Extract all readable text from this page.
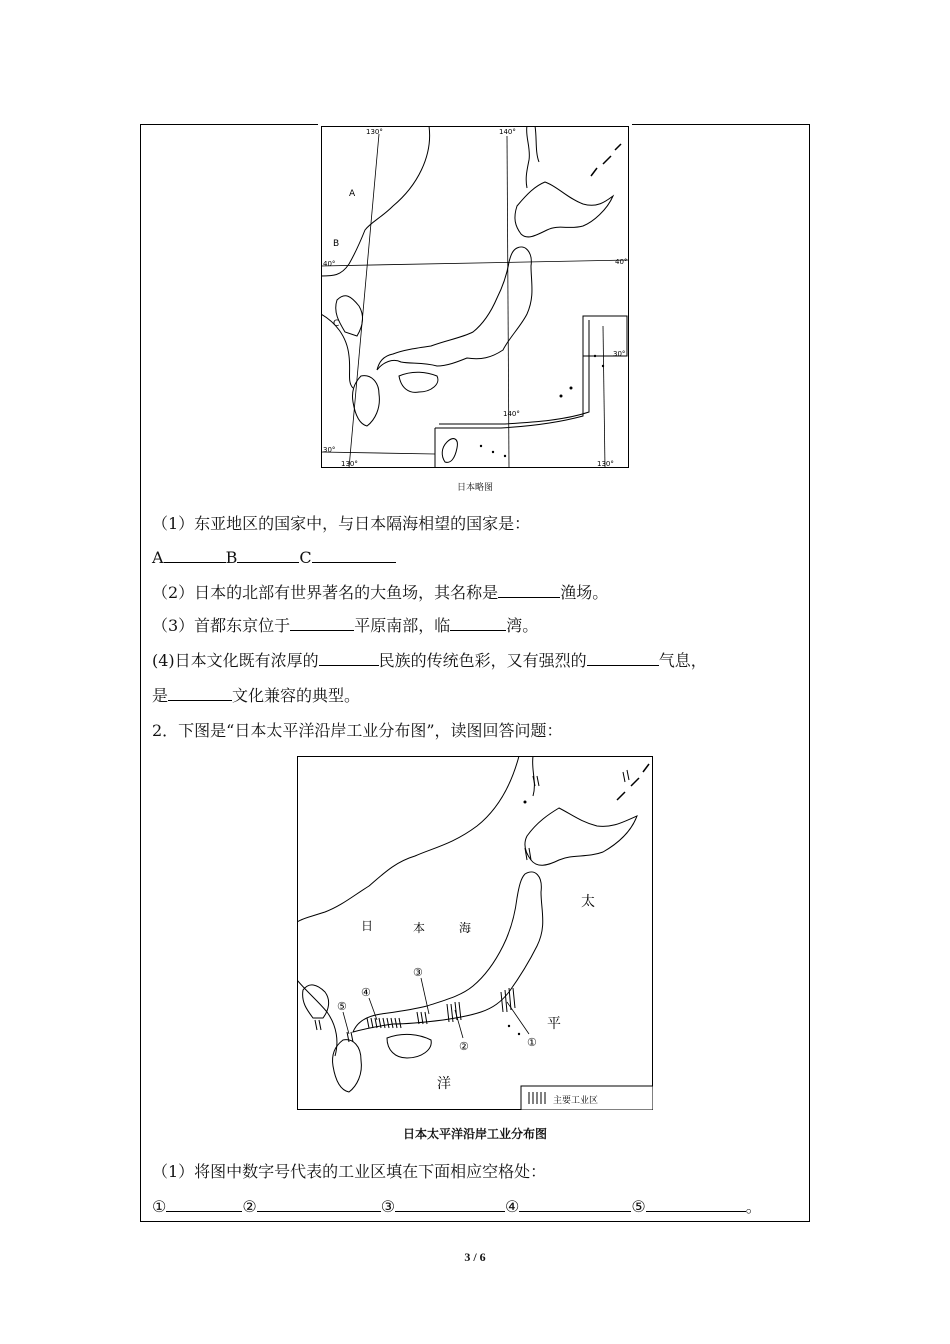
130°	140°
A
B
40°	40°
C
30°
140°
30°
130°	130°
日本略图
（1）东亚地区的国家中，与日本隔海相望的国家是：
A	B	C
（2）日本的北部有世界著名的大鱼场，其名称是	渔场。
（3）首都东京位于	平原南部，临	湾。
(4)日本文化既有浓厚的	民族的传统色彩，又有强烈的	气息，
是	文化兼容的典型。
2．下图是“日本太平洋沿岸工业分布图”，读图回答问题：
日	本	海
太
平
洋
①
②
③
④
⑤
主要工业区
日本太平洋沿岸工业分布图
（1）将图中数字号代表的工业区填在下面相应空格处：
①	②	③	④	⑤	。
3 / 6
